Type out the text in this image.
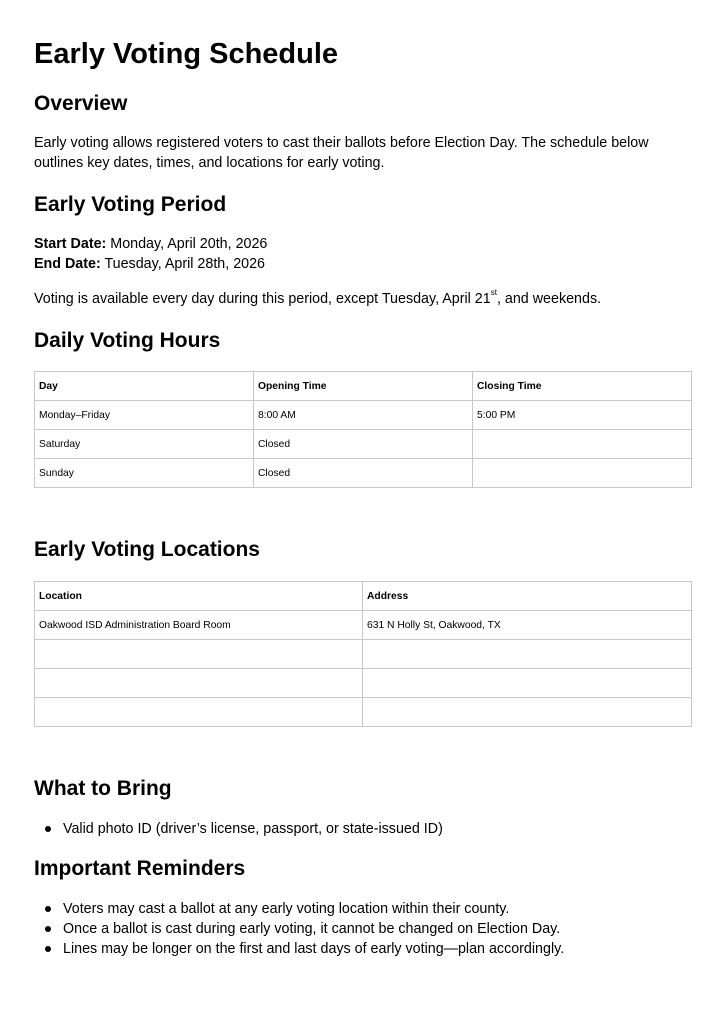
Early Voting Schedule
Overview

Early voting allows registered voters to cast their ballots before Election Day. The schedule below outlines key dates, times, and locations for early voting.

Early Voting Period

Start Date: Monday, April 20th, 2026

End Date: Tuesday, April 28th, 2026

Voting is available every day during this period, except Tuesday, April 21st, and weekends.

Daily Voting Hours
Day	Opening Time	Closing Time
Monday–Friday	8:00 AM	5:00 PM
Saturday	Closed	
Sunday	Closed	
Early Voting Locations
Location	Address
Oakwood ISD Administration Board Room	631 N Holly St, Oakwood, TX

What to Bring
Valid photo ID (driver’s license, passport, or state-issued ID)
Important Reminders
Voters may cast a ballot at any early voting location within their county.
Once a ballot is cast during early voting, it cannot be changed on Election Day.
Lines may be longer on the first and last days of early voting—plan accordingly.
